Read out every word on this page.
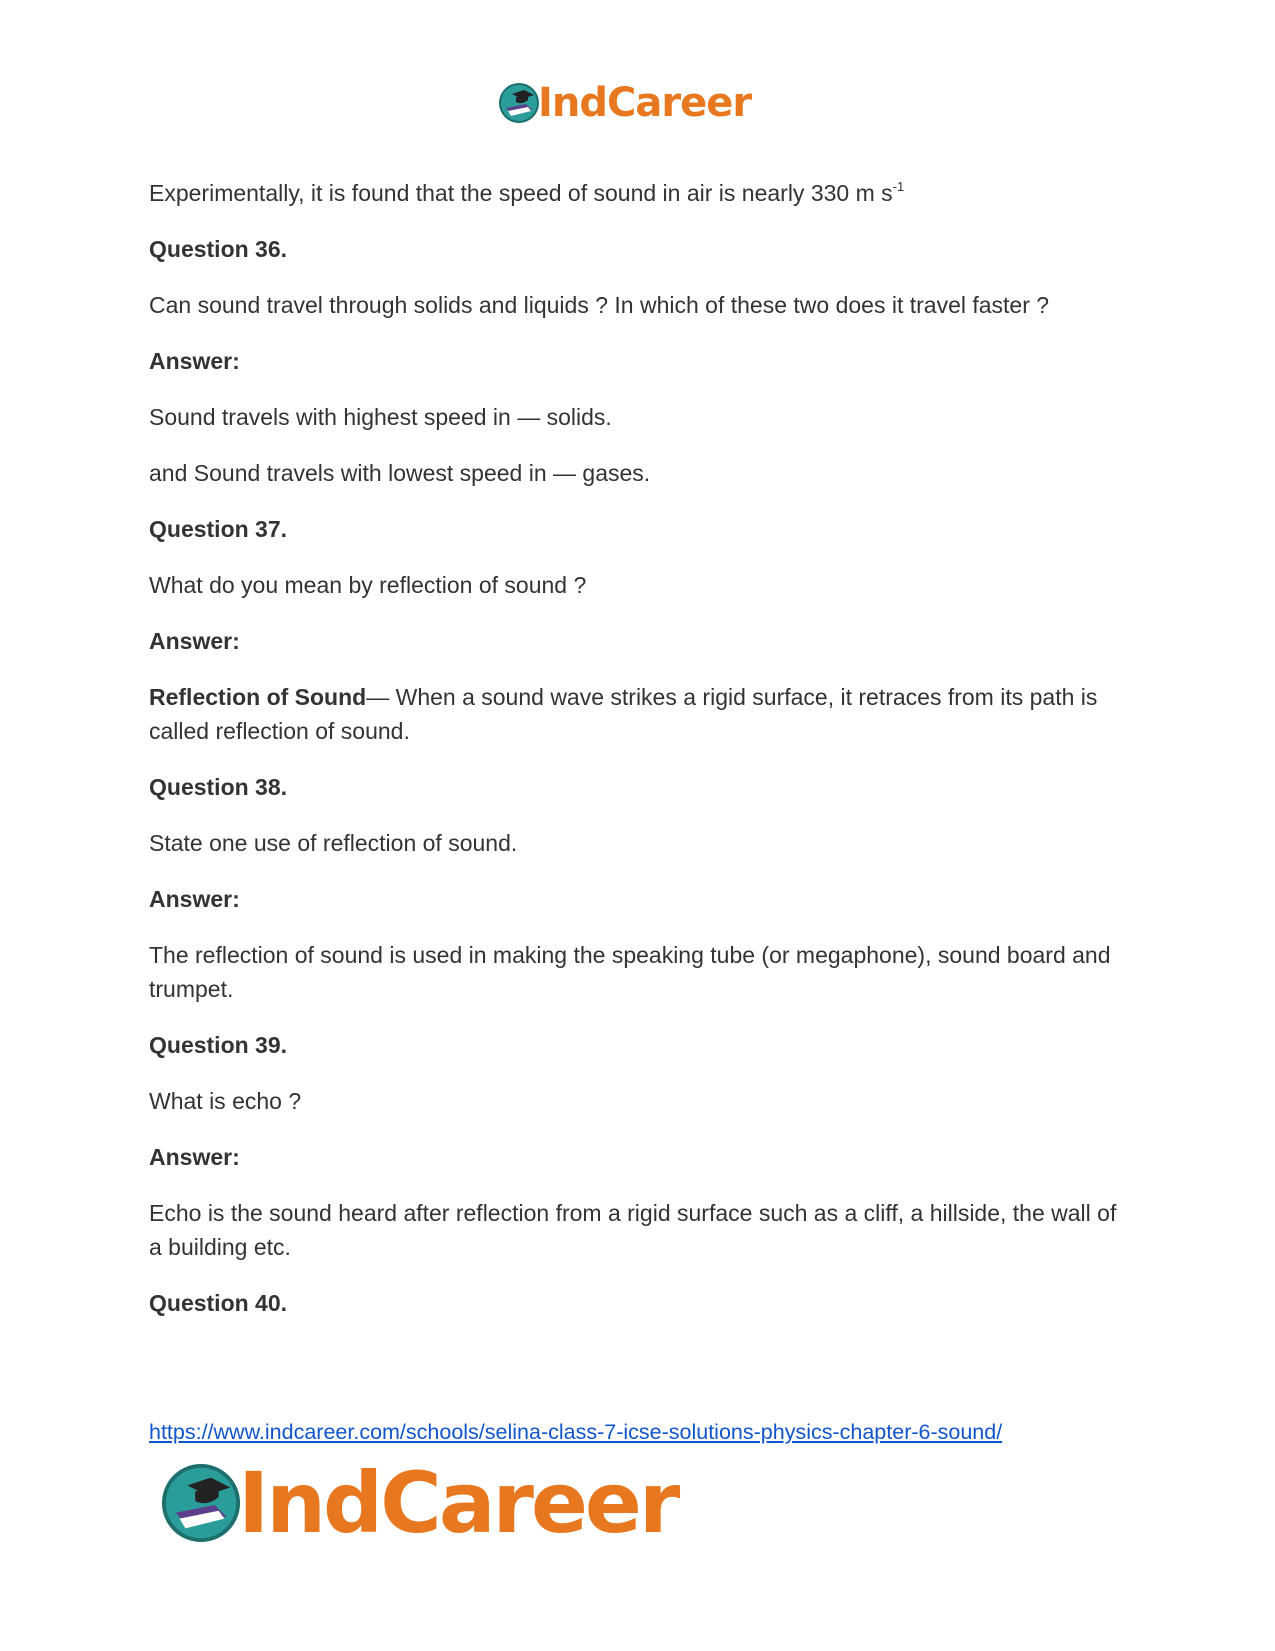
IndCareer

Experimentally, it is found that the speed of sound in air is nearly 330 m $s^{-1}$

Question 36.

Can sound travel through solids and liquids ? In which of these two does it travel faster ?

Answer:

Sound travels with highest speed in — solids.

and Sound travels with lowest speed in — gases.

Question 37.

What do you mean by reflection of sound ?

Answer:

Reflection of Sound— When a sound wave strikes a rigid surface, it retraces from its path is called reflection of sound.

Question 38.

State one use of reflection of sound.

Answer:

The reflection of sound is used in making the speaking tube (or megaphone), sound board and trumpet.

Question 39.

What is echo ?

Answer:

Echo is the sound heard after reflection from a rigid surface such as a cliff, a hillside, the wall of a building etc.

Question 40.

https://www.indcareer.com/schools/selina-class-7-icse-solutions-physics-chapter-6-sound/
IndCareer
